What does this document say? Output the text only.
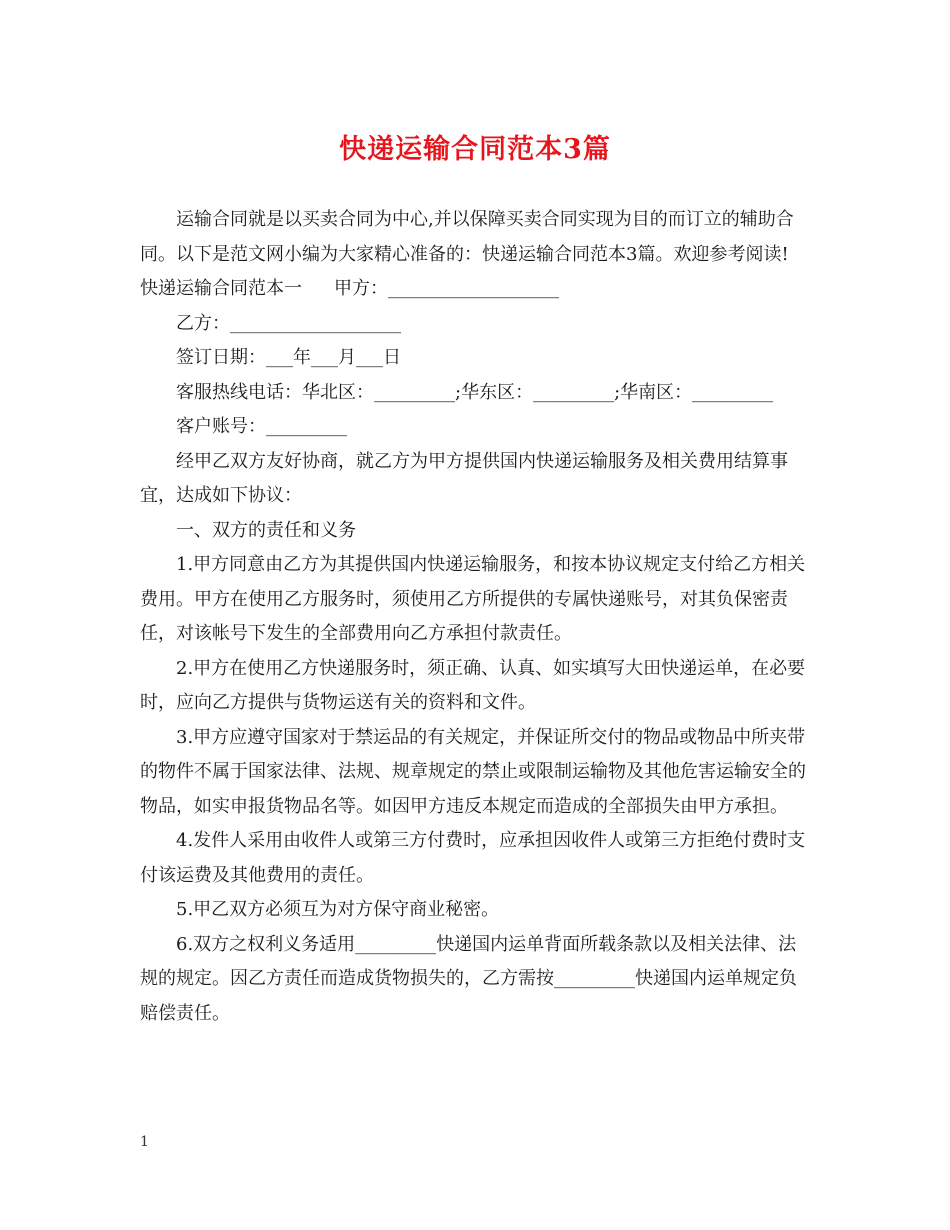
快递运输合同范本3篇

运输合同就是以买卖合同为中心,并以保障买卖合同实现为目的而订立的辅助合同。以下是范文网小编为大家精心准备的：快递运输合同范本3篇。欢迎参考阅读!

快递运输合同范本一 甲方：___________________

乙方：___________________

签订日期：___年___月___日

客服热线电话：华北区：_________;华东区：_________;华南区：_________

客户账号：_________

经甲乙双方友好协商，就乙方为甲方提供国内快递运输服务及相关费用结算事宜，达成如下协议：

一、双方的责任和义务

1.甲方同意由乙方为其提供国内快递运输服务，和按本协议规定支付给乙方相关费用。甲方在使用乙方服务时，须使用乙方所提供的专属快递账号，对其负保密责任，对该帐号下发生的全部费用向乙方承担付款责任。

2.甲方在使用乙方快递服务时，须正确、认真、如实填写大田快递运单，在必要时，应向乙方提供与货物运送有关的资料和文件。

3.甲方应遵守国家对于禁运品的有关规定，并保证所交付的物品或物品中所夹带的物件不属于国家法律、法规、规章规定的禁止或限制运输物及其他危害运输安全的物品，如实申报货物品名等。如因甲方违反本规定而造成的全部损失由甲方承担。

4.发件人采用由收件人或第三方付费时，应承担因收件人或第三方拒绝付费时支付该运费及其他费用的责任。

5.甲乙双方必须互为对方保守商业秘密。

6.双方之权利义务适用_________快递国内运单背面所载条款以及相关法律、法规的规定。因乙方责任而造成货物损失的，乙方需按_________快递国内运单规定负赔偿责任。

1
